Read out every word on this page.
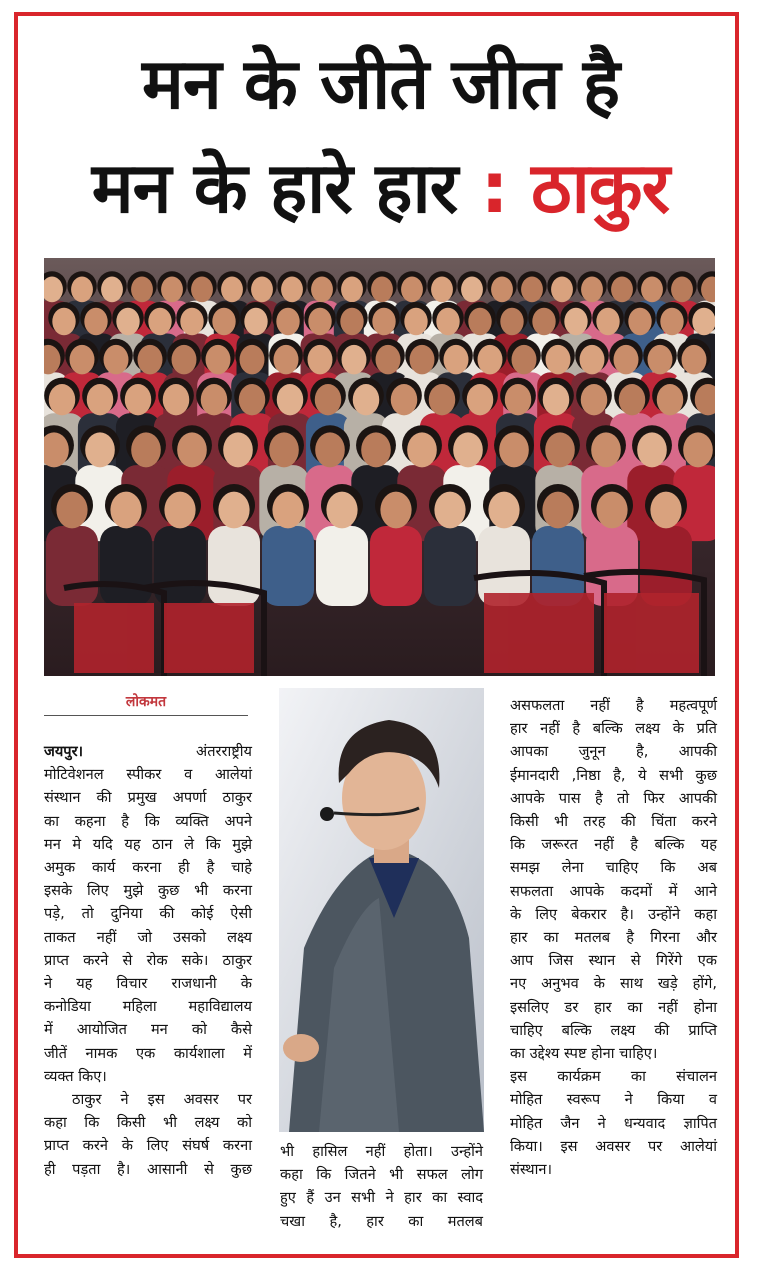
मन के जीते जीत है
मन के हारे हार : ठाकुर
लोकमत

जयपुर। अंतरराष्ट्रीय

मोटिवेशनल स्पीकर व आलेयां

संस्थान की प्रमुख अपर्णा ठाकुर

का कहना है कि व्यक्ति अपने

मन मे यदि यह ठान ले कि मुझे

अमुक कार्य करना ही है चाहे

इसके लिए मुझे कुछ भी करना

पड़े, तो दुनिया की कोई ऐसी

ताकत नहीं जो उसको लक्ष्य

प्राप्त करने से रोक सके। ठाकुर

ने यह विचार राजधानी के

कनोडिया महिला महाविद्यालय

में आयोजित मन को कैसे

जीतें नामक एक कार्यशाला में

व्यक्त किए।

ठाकुर ने इस अवसर पर

कहा कि किसी भी लक्ष्य को

प्राप्त करने के लिए संघर्ष करना

ही पड़ता है। आसानी से कुछ

भी हासिल नहीं होता। उन्होंने

कहा कि जितने भी सफल लोग

हुए हैं उन सभी ने हार का स्वाद

चखा है, हार का मतलब

असफलता नहीं है महत्वपूर्ण

हार नहीं है बल्कि लक्ष्य के प्रति

आपका जुनून है, आपकी

ईमानदारी ,निष्ठा है, ये सभी कुछ

आपके पास है तो फिर आपकी

किसी भी तरह की चिंता करने

कि जरूरत नहीं है बल्कि यह

समझ लेना चाहिए कि अब

सफलता आपके कदमों में आने

के लिए बेकरार है। उन्होंने कहा

हार का मतलब है गिरना और

आप जिस स्थान से गिरेंगे एक

नए अनुभव के साथ खड़े होंगे,

इसलिए डर हार का नहीं होना

चाहिए बल्कि लक्ष्य की प्राप्ति

का उद्देश्य स्पष्ट होना चाहिए।

इस कार्यक्रम का संचालन

मोहित स्वरूप ने किया व

मोहित जैन ने धन्यवाद ज्ञापित

किया। इस अवसर पर आलेयां

संस्थान।
